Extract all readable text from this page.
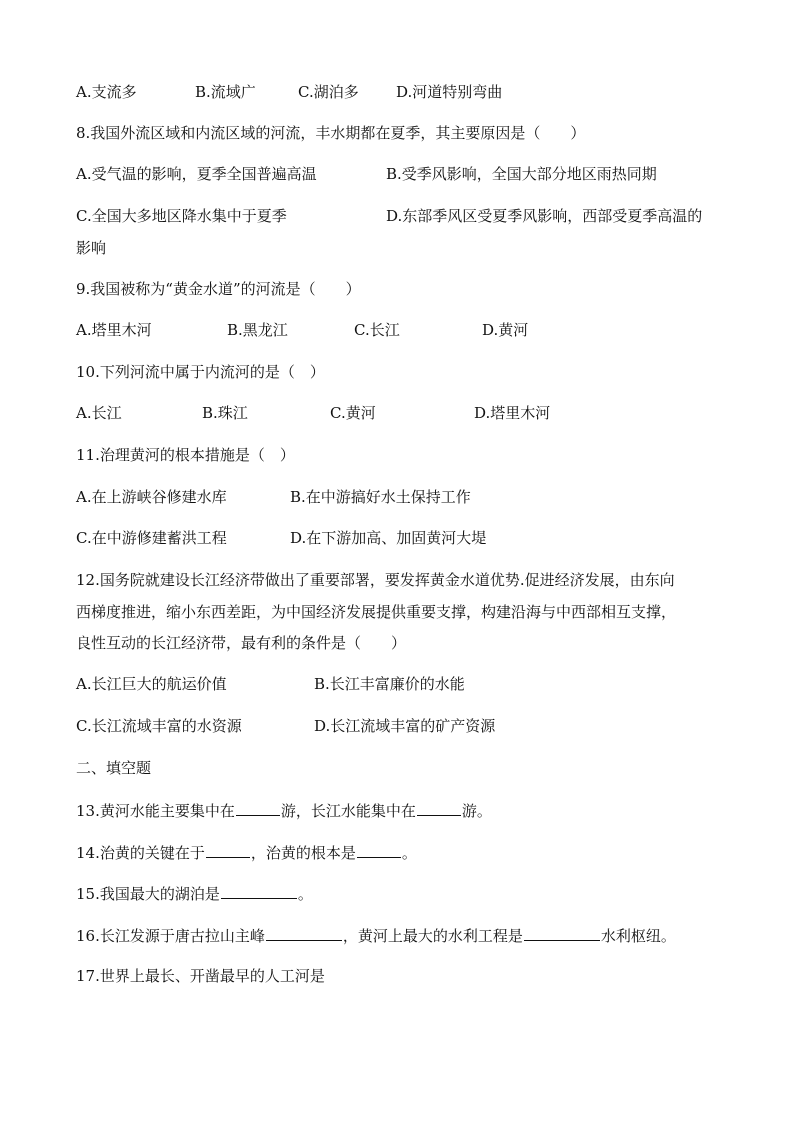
A.支流多	B.流域广	C.湖泊多 D.河道特别弯曲
8.我国外流区域和内流区域的河流，丰水期都在夏季，其主要原因是（　　）
A.受气温的影响，夏季全国普遍高温	B.受季风影响，全国大部分地区雨热同期
C.全国大多地区降水集中于夏季	D.东部季风区受夏季风影响，西部受夏季高温的
影响
9.我国被称为“黄金水道”的河流是（　　）
A.塔里木河	B.黑龙江	C.长江	D.黄河
10.下列河流中属于内流河的是（　）
A.长江	B.珠江	C.黄河	D.塔里木河
11.治理黄河的根本措施是（　）
A.在上游峡谷修建水库	B.在中游搞好水土保持工作
C.在中游修建蓄洪工程	D.在下游加高、加固黄河大堤
12.国务院就建设长江经济带做出了重要部署，要发挥黄金水道优势.促进经济发展，由东向
西梯度推进，缩小东西差距，为中国经济发展提供重要支撑，构建沿海与中西部相互支撑，
良性互动的长江经济带，最有利的条件是（　　）
A.长江巨大的航运价值	B.长江丰富廉价的水能
C.长江流域丰富的水资源	D.长江流域丰富的矿产资源
二、填空题
13.黄河水能主要集中在	游，长江水能集中在	游。
14.治黄的关键在于	，治黄的根本是	。
15.我国最大的湖泊是	。
16.长江发源于唐古拉山主峰	，黄河上最大的水利工程是	水利枢纽。
17.世界上最长、开凿最早的人工河是
